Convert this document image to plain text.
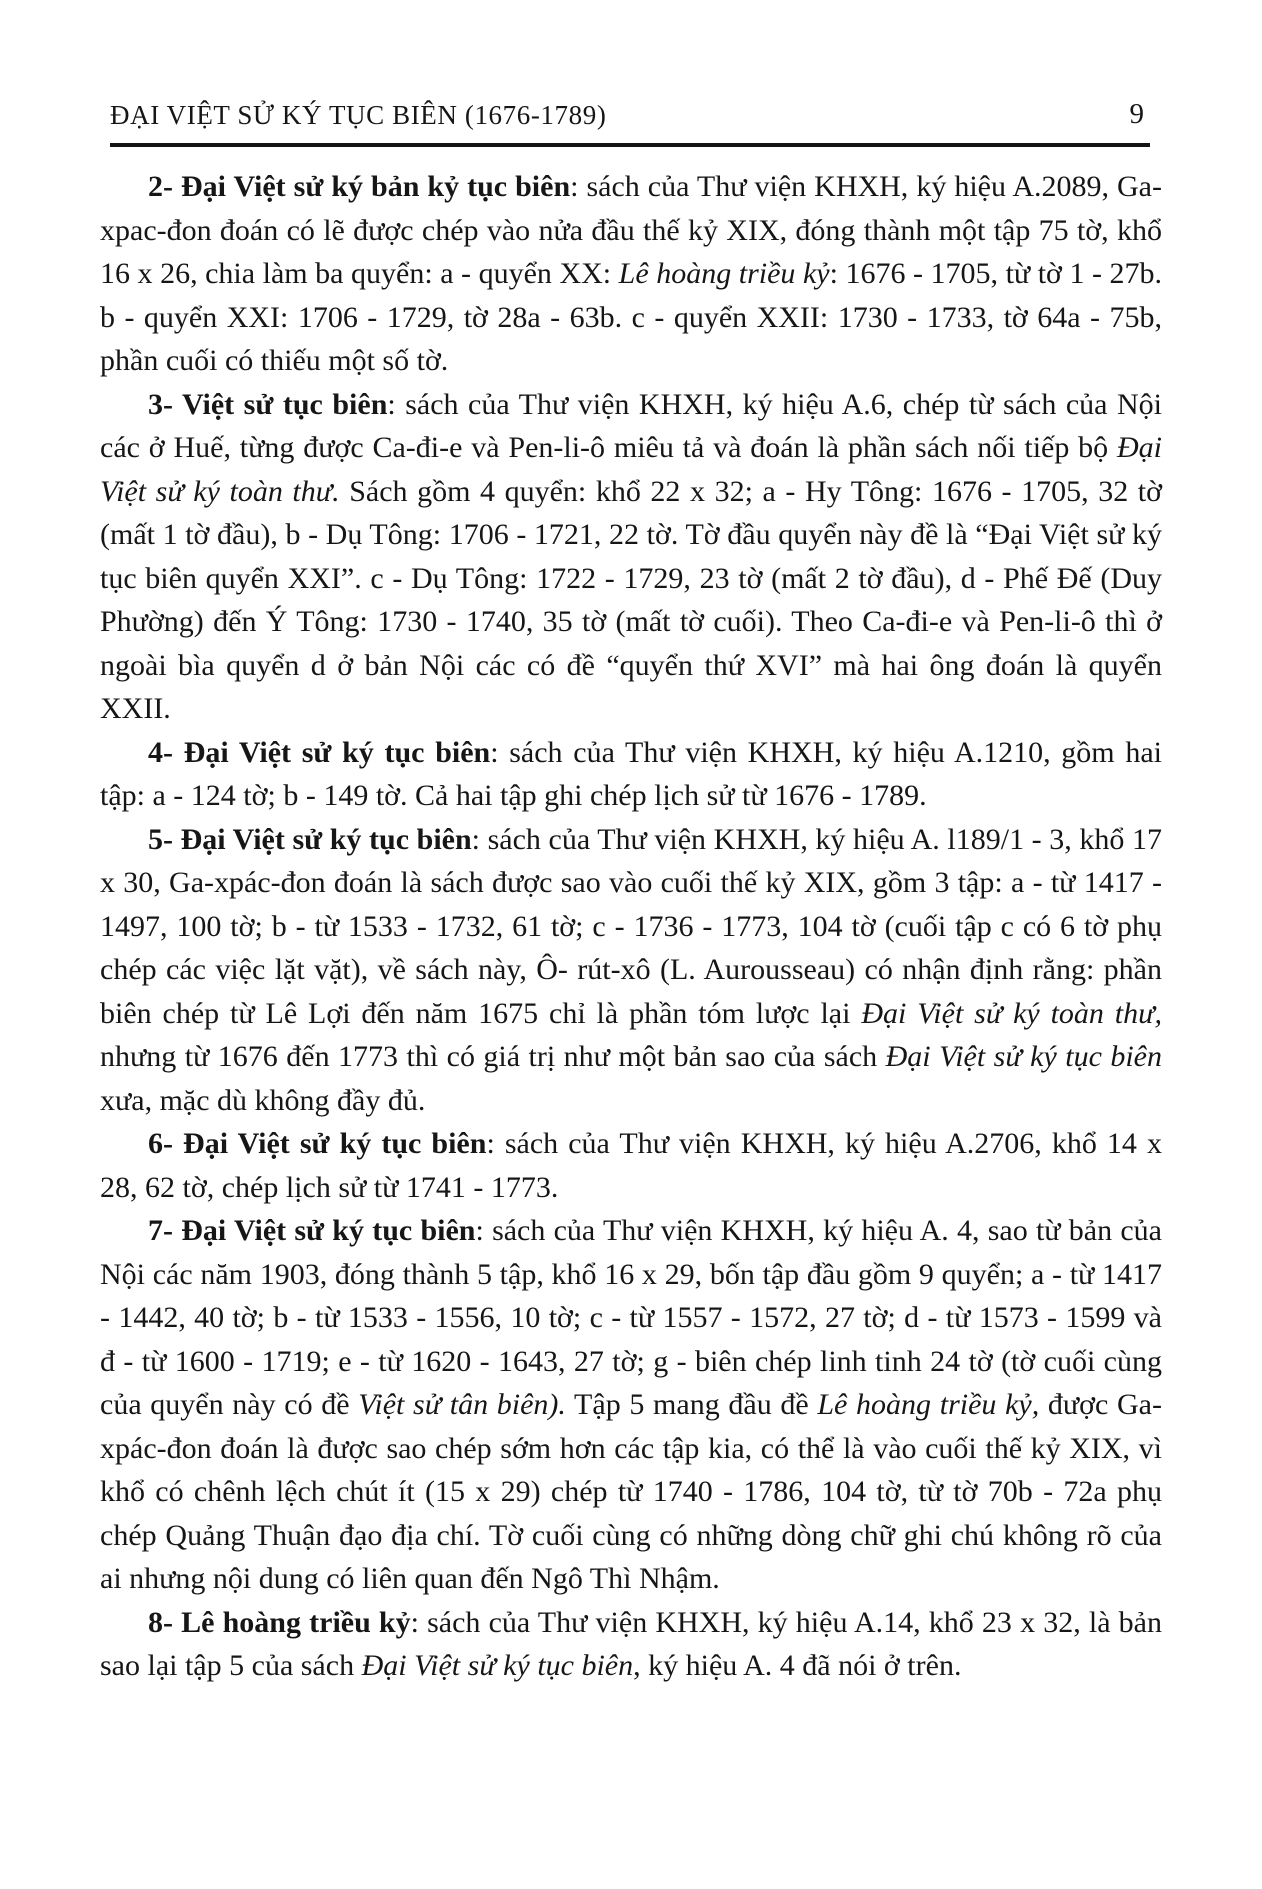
ĐẠI VIỆT SỬ KÝ TỤC BIÊN (1676-1789)	9

2- Đại Việt sử ký bản kỷ tục biên: sách của Thư viện KHXH, ký hiệu A.2089, Ga-xpac-đon đoán có lẽ được chép vào nửa đầu thế kỷ XIX, đóng thành một tập 75 tờ, khổ 16 x 26, chia làm ba quyển: a - quyển XX: Lê hoàng triều kỷ: 1676 - 1705, từ tờ 1 - 27b. b - quyển XXI: 1706 - 1729, tờ 28a - 63b. c - quyển XXII: 1730 - 1733, tờ 64a - 75b, phần cuối có thiếu một số tờ.

3- Việt sử tục biên: sách của Thư viện KHXH, ký hiệu A.6, chép từ sách của Nội các ở Huế, từng được Ca-đi-e và Pen-li-ô miêu tả và đoán là phần sách nối tiếp bộ Đại Việt sử ký toàn thư. Sách gồm 4 quyển: khổ 22 x 32; a - Hy Tông: 1676 - 1705, 32 tờ (mất 1 tờ đầu), b - Dụ Tông: 1706 - 1721, 22 tờ. Tờ đầu quyển này đề là “Đại Việt sử ký tục biên quyển XXI”. c - Dụ Tông: 1722 - 1729, 23 tờ (mất 2 tờ đầu), d - Phế Đế (Duy Phường) đến Ý Tông: 1730 - 1740, 35 tờ (mất tờ cuối). Theo Ca-đi-e và Pen-li-ô thì ở ngoài bìa quyển d ở bản Nội các có đề “quyển thứ XVI” mà hai ông đoán là quyển XXII.

4- Đại Việt sử ký tục biên: sách của Thư viện KHXH, ký hiệu A.1210, gồm hai tập: a - 124 tờ; b - 149 tờ. Cả hai tập ghi chép lịch sử từ 1676 - 1789.

5- Đại Việt sử ký tục biên: sách của Thư viện KHXH, ký hiệu A. l189/1 - 3, khổ 17 x 30, Ga-xpác-đon đoán là sách được sao vào cuối thế kỷ XIX, gồm 3 tập: a - từ 1417 - 1497, 100 tờ; b - từ 1533 - 1732, 61 tờ; c - 1736 - 1773, 104 tờ (cuối tập c có 6 tờ phụ chép các việc lặt vặt), về sách này, Ô- rút-xô (L. Aurousseau) có nhận định rằng: phần biên chép từ Lê Lợi đến năm 1675 chỉ là phần tóm lược lại Đại Việt sử ký toàn thư, nhưng từ 1676 đến 1773 thì có giá trị như một bản sao của sách Đại Việt sử ký tục biên xưa, mặc dù không đầy đủ.

6- Đại Việt sử ký tục biên: sách của Thư viện KHXH, ký hiệu A.2706, khổ 14 x 28, 62 tờ, chép lịch sử từ 1741 - 1773.

7- Đại Việt sử ký tục biên: sách của Thư viện KHXH, ký hiệu A. 4, sao từ bản của Nội các năm 1903, đóng thành 5 tập, khổ 16 x 29, bốn tập đầu gồm 9 quyển; a - từ 1417 - 1442, 40 tờ; b - từ 1533 - 1556, 10 tờ; c - từ 1557 - 1572, 27 tờ; d - từ 1573 - 1599 và đ - từ 1600 - 1719; e - từ 1620 - 1643, 27 tờ; g - biên chép linh tinh 24 tờ (tờ cuối cùng của quyển này có đề Việt sử tân biên). Tập 5 mang đầu đề Lê hoàng triều kỷ, được Ga-xpác-đon đoán là được sao chép sớm hơn các tập kia, có thể là vào cuối thế kỷ XIX, vì khổ có chênh lệch chút ít (15 x 29) chép từ 1740 - 1786, 104 tờ, từ tờ 70b - 72a phụ chép Quảng Thuận đạo địa chí. Tờ cuối cùng có những dòng chữ ghi chú không rõ của ai nhưng nội dung có liên quan đến Ngô Thì Nhậm.

8- Lê hoàng triều kỷ: sách của Thư viện KHXH, ký hiệu A.14, khổ 23 x 32, là bản sao lại tập 5 của sách Đại Việt sử ký tục biên, ký hiệu A. 4 đã nói ở trên.
